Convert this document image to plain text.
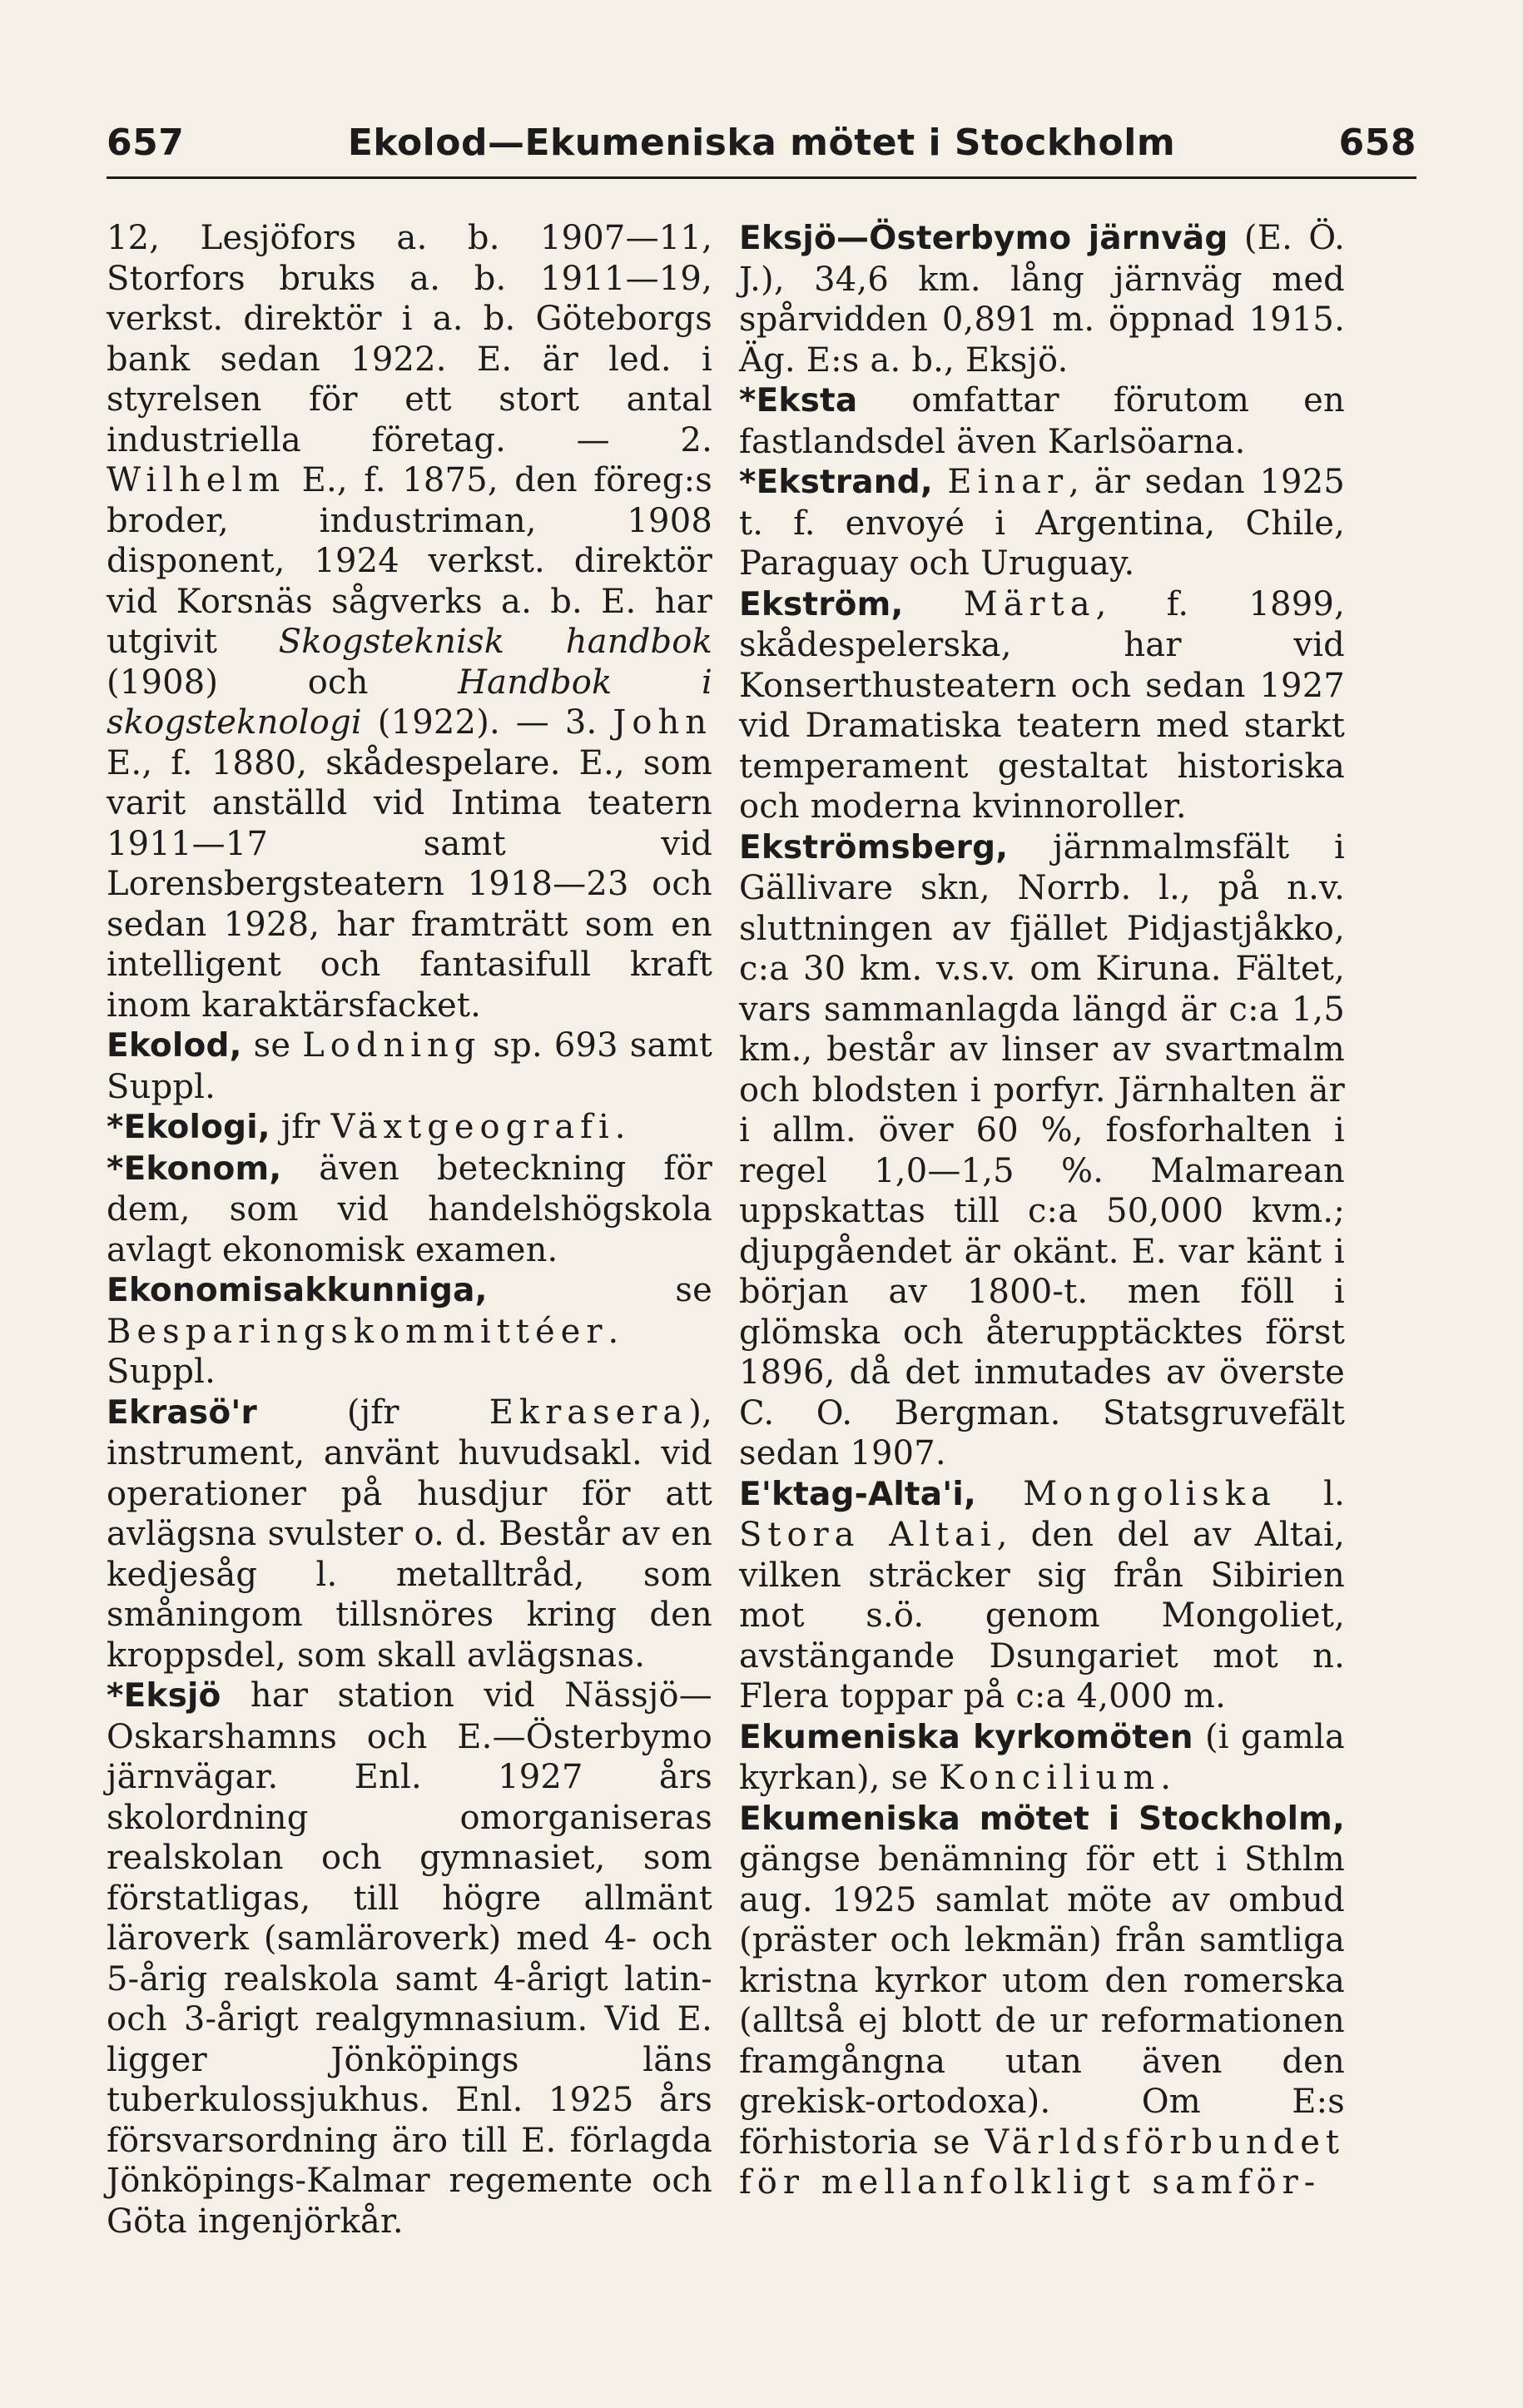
657	Ekolod—Ekumeniska mötet i Stockholm	658

12, Lesjöfors a. b. 1907—11, Storfors bruks a. b. 1911—19, verkst. direktör i a. b. Göteborgs bank sedan 1922. E. är led. i styrelsen för ett stort antal industriella företag. — 2. Wilhelm E., f. 1875, den föreg:s broder, industriman, 1908 disponent, 1924 verkst. direktör vid Korsnäs sågverks a. b. E. har utgivit Skogsteknisk handbok (1908) och Handbok i skogsteknologi (1922). — 3. John E., f. 1880, skådespelare. E., som varit anställd vid Intima teatern 1911—17 samt vid Lorensbergsteatern 1918—23 och sedan 1928, har framträtt som en intelligent och fantasifull kraft inom karaktärsfacket.

Ekolod, se Lodning sp. 693 samt Suppl.

*Ekologi, jfr Växtgeografi.

*Ekonom, även beteckning för dem, som vid handelshögskola avlagt ekonomisk examen.

Ekonomisakkunniga, se Besparingskommittéer. Suppl.

Ekrasö'r (jfr Ekrasera), instrument, använt huvudsakl. vid operationer på husdjur för att avlägsna svulster o. d. Består av en kedjesåg l. metalltråd, som småningom tillsnöres kring den kroppsdel, som skall avlägsnas.

*Eksjö har station vid Nässjö—Oskarshamns och E.—Österbymo järnvägar. Enl. 1927 års skolordning omorganiseras realskolan och gymnasiet, som förstatligas, till högre allmänt läroverk (samläroverk) med 4- och 5-årig realskola samt 4-årigt latin- och 3-årigt realgymnasium. Vid E. ligger Jönköpings läns tuberkulossjukhus. Enl. 1925 års försvarsordning äro till E. förlagda Jönköpings-Kalmar regemente och Göta ingenjörkår.

Eksjö—Österbymo järnväg (E. Ö. J.), 34,6 km. lång järnväg med spårvidden 0,891 m. öppnad 1915. Äg. E:s a. b., Eksjö.

*Eksta omfattar förutom en fastlandsdel även Karlsöarna.

*Ekstrand, Einar, är sedan 1925 t. f. envoyé i Argentina, Chile, Paraguay och Uruguay.

Ekström, Märta, f. 1899, skådespelerska, har vid Konserthusteatern och sedan 1927 vid Dramatiska teatern med starkt temperament gestaltat historiska och moderna kvinnoroller.

Ekströmsberg, järnmalmsfält i Gällivare skn, Norrb. l., på n.v. sluttningen av fjället Pidjastjåkko, c:a 30 km. v.s.v. om Kiruna. Fältet, vars sammanlagda längd är c:a 1,5 km., består av linser av svartmalm och blodsten i porfyr. Järnhalten är i allm. över 60 %, fosforhalten i regel 1,0—1,5 %. Malmarean uppskattas till c:a 50,000 kvm.; djupgåendet är okänt. E. var känt i början av 1800-t. men föll i glömska och återupptäcktes först 1896, då det inmutades av överste C. O. Bergman. Statsgruvefält sedan 1907.

E'ktag-Alta'i, Mongoliska l. Stora Altai, den del av Altai, vilken sträcker sig från Sibirien mot s.ö. genom Mongoliet, avstängande Dsungariet mot n. Flera toppar på c:a 4,000 m.

Ekumeniska kyrkomöten (i gamla kyrkan), se Koncilium.

Ekumeniska mötet i Stockholm, gängse benämning för ett i Sthlm aug. 1925 samlat möte av ombud (präster och lekmän) från samtliga kristna kyrkor utom den romerska (alltså ej blott de ur reformationen framgångna utan även den grekisk-ortodoxa). Om E:s förhistoria se Världsförbundet för mellanfolkligt samför-
